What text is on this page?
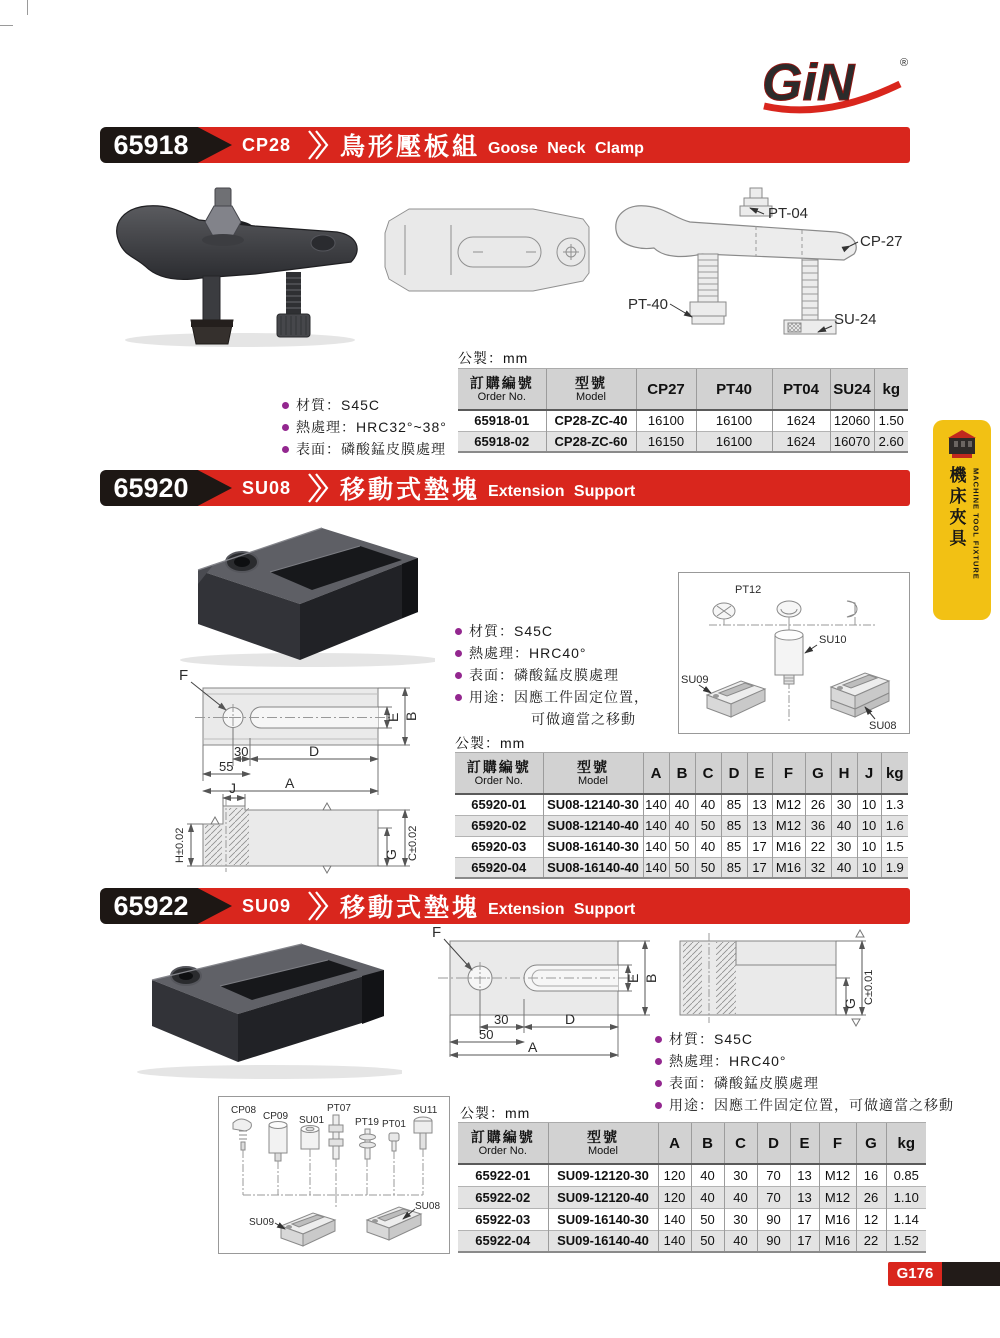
GiN	®
65918	CP28 鳥形壓板組 Goose Neck Clamp
PT-04
CP-27
PT-40
SU-24
材質： S45C
熱處理： HRC32°~38°
表面： 磷酸錳皮膜處理
公製：mm
訂購編號
Order No.

型號
Model	CP27	PT40	PT04	SU24	kg
65918-01	CP28-ZC-40	16100	16100	1624	12060	1.50
65918-02	CP28-ZC-60	16150	16100	1624	16070	2.60
65920	SU08 移動式墊塊 Extension Support
F
E B
30	D
55
A
J
H±0.02	G C±0.02
PT12
SU10
SU09
SU08
材質： S45C
熱處理： HRC40°
表面： 磷酸錳皮膜處理
用途： 因應工件固定位置，
可做適當之移動
公製：mm
訂購編號
Order No.

型號
Model	A	B	C	D	E	F	G	H	J	kg
65920-01	SU08-12140-30	140	40	40	85	13	M12	26	30	10	1.3
65920-02	SU08-12140-40	140	40	50	85	13	M12	36	40	10	1.6
65920-03	SU08-16140-30	140	50	40	85	17	M16	22	30	10	1.5
65920-04	SU08-16140-40	140	50	50	85	17	M16	32	40	10	1.9
65922	SU09 移動式墊塊 Extension Support
F
E B
30	D
50
A
G C±0.01
CP08
CP09 SU01
PT07
PT19 PT01
SU11
SU09
SU08
材質： S45C
熱處理： HRC40°
表面： 磷酸錳皮膜處理
用途： 因應工件固定位置，可做適當之移動
公製：mm
訂購編號
Order No.

型號
Model	A	B	C	D	E	F	G	kg
65922-01	SU09-12120-30	120	40	30	70	13	M12	16	0.85
65922-02	SU09-12120-40	120	40	40	70	13	M12	26	1.10
65922-03	SU09-16140-30	140	50	30	90	17	M16	12	1.14
65922-04	SU09-16140-40	140	50	40	90	17	M16	22	1.52
機床夾具 MACHINE TOOL FIXTURE
G176
